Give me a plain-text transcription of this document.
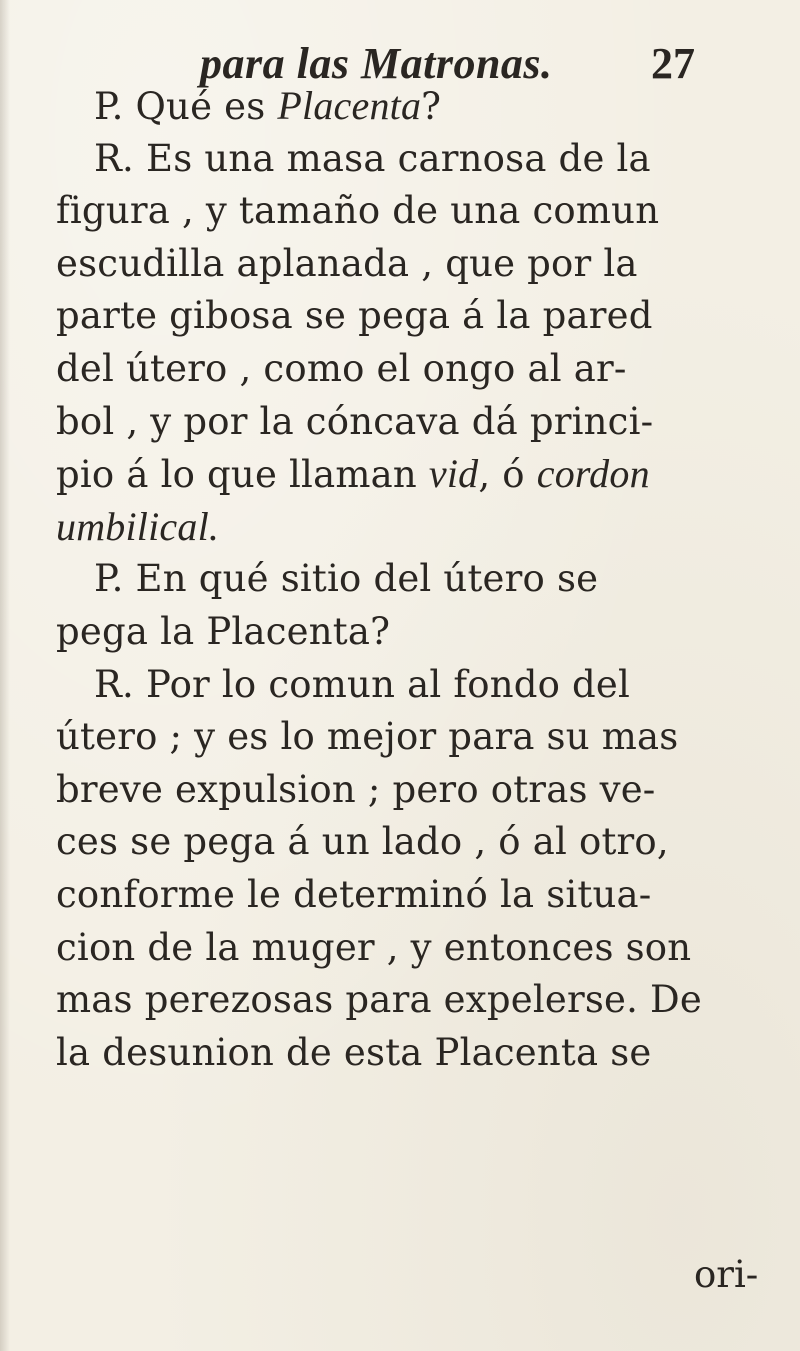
para las Matronas. 27
P. Qué es Placenta?
R. Es una masa carnosa de la
figura , y tamaño de una comun
escudilla aplanada , que por la
parte gibosa se pega á la pared
del útero , como el ongo al ar-
bol , y por la cóncava dá princi-
pio á lo que llaman vid, ó cordon
umbilical.
P. En qué sitio del útero se
pega la Placenta?
R. Por lo comun al fondo del
útero ; y es lo mejor para su mas
breve expulsion ; pero otras ve-
ces se pega á un lado , ó al otro,
conforme le determinó la situa-
cion de la muger , y entonces son
mas perezosas para expelerse. De
la desunion de esta Placenta se
ori-
